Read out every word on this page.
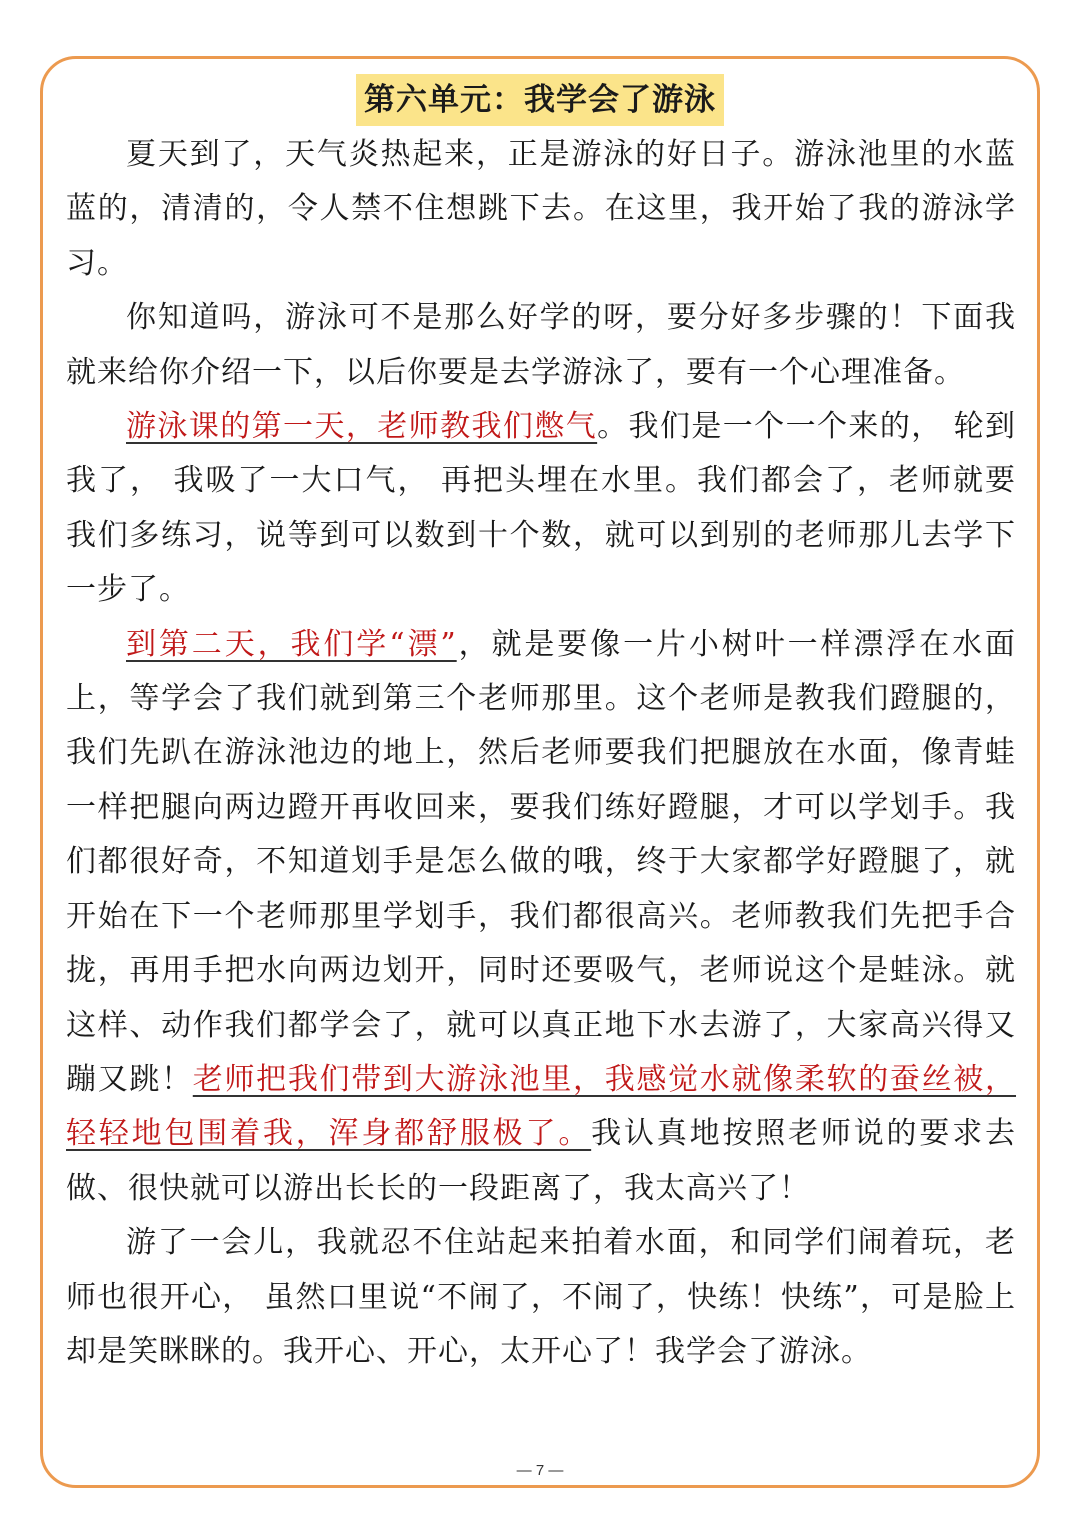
第六单元：我学会了游泳

夏天到了，天气炎热起来，正是游泳的好日子。游泳池里的水蓝蓝的，清清的，令人禁不住想跳下去。在这里，我开始了我的游泳学习。

你知道吗，游泳可不是那么好学的呀，要分好多步骤的！下面我就来给你介绍一下，以后你要是去学游泳了，要有一个心理准备。

游泳课的第一天，老师教我们憋气。我们是一个一个来的， 轮到我了， 我吸了一大口气， 再把头埋在水里。我们都会了，老师就要我们多练习，说等到可以数到十个数，就可以到别的老师那儿去学下一步了。

到第二天，我们学“漂”，就是要像一片小树叶一样漂浮在水面上，等学会了我们就到第三个老师那里。这个老师是教我们蹬腿的，我们先趴在游泳池边的地上，然后老师要我们把腿放在水面，像青蛙一样把腿向两边蹬开再收回来，要我们练好蹬腿，才可以学划手。我们都很好奇，不知道划手是怎么做的哦，终于大家都学好蹬腿了，就开始在下一个老师那里学划手，我们都很高兴。老师教我们先把手合拢，再用手把水向两边划开，同时还要吸气，老师说这个是蛙泳。就这样、动作我们都学会了，就可以真正地下水去游了，大家高兴得又蹦又跳！老师把我们带到大游泳池里，我感觉水就像柔软的蚕丝被，轻轻地包围着我，浑身都舒服极了。我认真地按照老师说的要求去做、很快就可以游出长长的一段距离了，我太高兴了！

游了一会儿，我就忍不住站起来拍着水面，和同学们闹着玩，老师也很开心， 虽然口里说“不闹了，不闹了，快练！快练”，可是脸上却是笑眯眯的。我开心、开心，太开心了！我学会了游泳。

— 7 —
